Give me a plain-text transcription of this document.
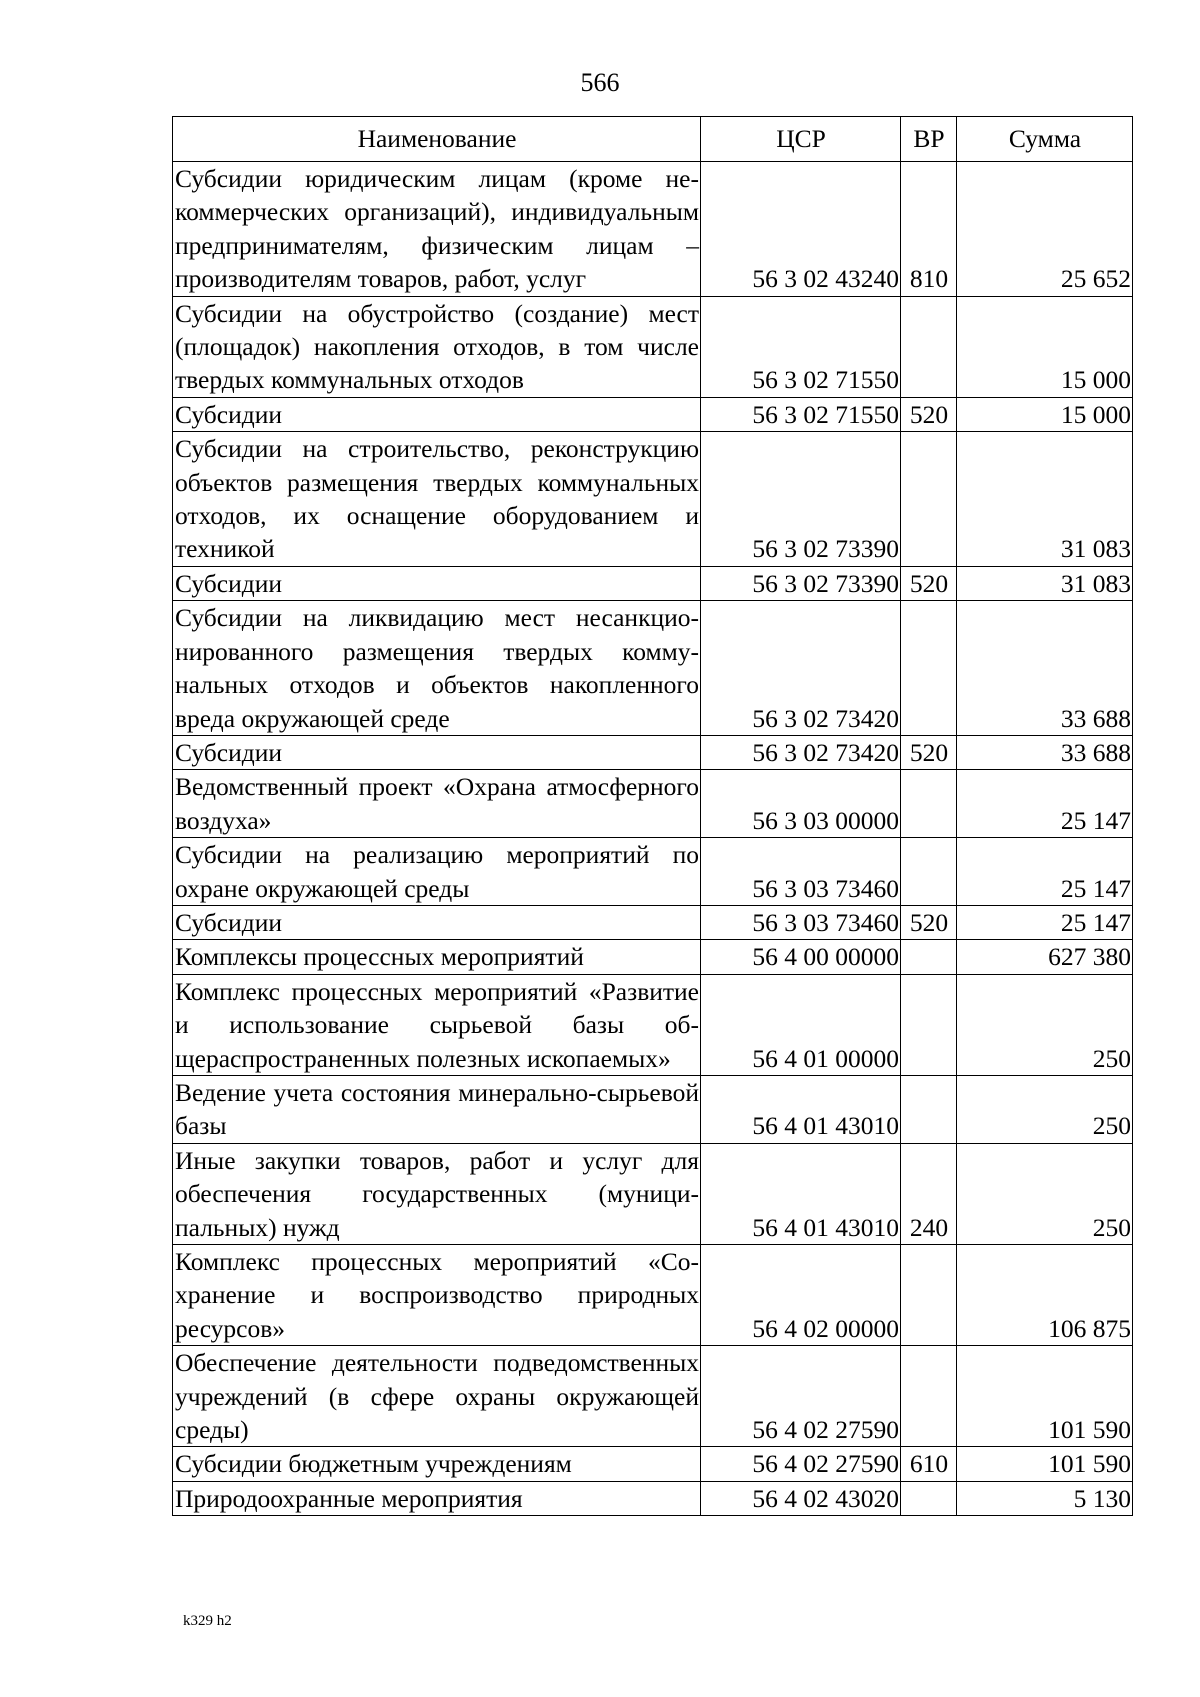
566
Наименование	ЦСР	ВР	Сумма
Субсидии юридическим лицам (кроме некоммерческих организаций), индивидуальным предпринимателям, физическим лицам – производителям товаров, работ, услуг	56 3 02 43240	810	25 652
Субсидии на обустройство (создание) мест (площадок) накопления отходов, в том числе твердых коммунальных отходов	56 3 02 71550		15 000
Субсидии	56 3 02 71550	520	15 000
Субсидии на строительство, реконструкцию объектов размещения твердых коммунальных отходов, их оснащение оборудованием и техникой	56 3 02 73390		31 083
Субсидии	56 3 02 73390	520	31 083
Субсидии на ликвидацию мест несанкционированного размещения твердых коммунальных отходов и объектов накопленного вреда окружающей среде	56 3 02 73420		33 688
Субсидии	56 3 02 73420	520	33 688
Ведомственный проект «Охрана атмосферного воздуха»	56 3 03 00000		25 147
Субсидии на реализацию мероприятий по охране окружающей среды	56 3 03 73460		25 147
Субсидии	56 3 03 73460	520	25 147
Комплексы процессных мероприятий	56 4 00 00000		627 380
Комплекс процессных мероприятий «Развитие и использование сырьевой базы общераспространенных полезных ископаемых»	56 4 01 00000		250
Ведение учета состояния минерально-сырьевой базы	56 4 01 43010		250
Иные закупки товаров, работ и услуг для обеспечения государственных (муниципальных) нужд	56 4 01 43010	240	250
Комплекс процессных мероприятий «Сохранение и воспроизводство природных ресурсов»	56 4 02 00000		106 875
Обеспечение деятельности подведомственных учреждений (в сфере охраны окружающей среды)	56 4 02 27590		101 590
Субсидии бюджетным учреждениям	56 4 02 27590	610	101 590
Природоохранные мероприятия	56 4 02 43020		5 130
k329 h2
